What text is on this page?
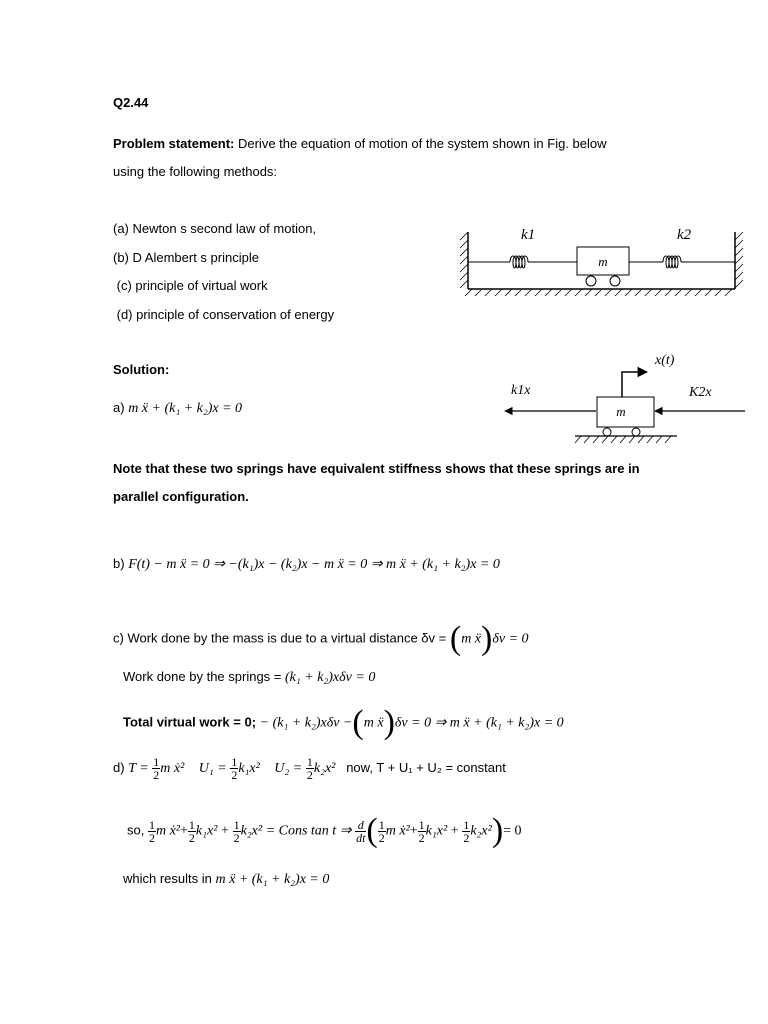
Q2.44
Problem statement: Derive the equation of motion of the system shown in Fig. below
using the following methods:
(a) Newton s second law of motion,
(b) D Alembert s principle
(c) principle of virtual work
(d) principle of conservation of energy
m
k1	k2
Solution:
a) m ẍ + (k₁ + k₂)x = 0
x(t)
k1x	K2x
m
Note that these two springs have equivalent stiffness shows that these springs are in
parallel configuration.
b) F(t) − m ẍ = 0 ⇒ −(k₁)x − (k₂)x − m ẍ = 0 ⇒ m ẍ + (k₁ + k₂)x = 0
c) Work done by the mass is due to a virtual distance δv = (m ẍ)δv = 0
Work done by the springs = (k₁ + k₂)xδv = 0
Total virtual work = 0; − (k₁ + k₂)xδv −(m ẍ)δv = 0 ⇒ m ẍ + (k₁ + k₂)x = 0
d) $T = \frac{1}{2}$ m ẋ² $U_1 = \frac{1}{2} k_1x^2$ $U_2 = \frac{1}{2} k_2x^2$ now, T + U₁ + U₂ = constant
so, $\frac{1}{2}$ m ẋ²+ $\frac{1}{2} k_1x^2 + \frac{1}{2} k_2x^2$ = Cons tan t ⇒ $\frac{d}{dt}$ ( $\frac{1}{2}$ m ẋ²+ $\frac{1}{2} k_1x^2 + \frac{1}{2} k_2x^2)= 0$
which results in m ẍ + (k₁ + k₂)x = 0
